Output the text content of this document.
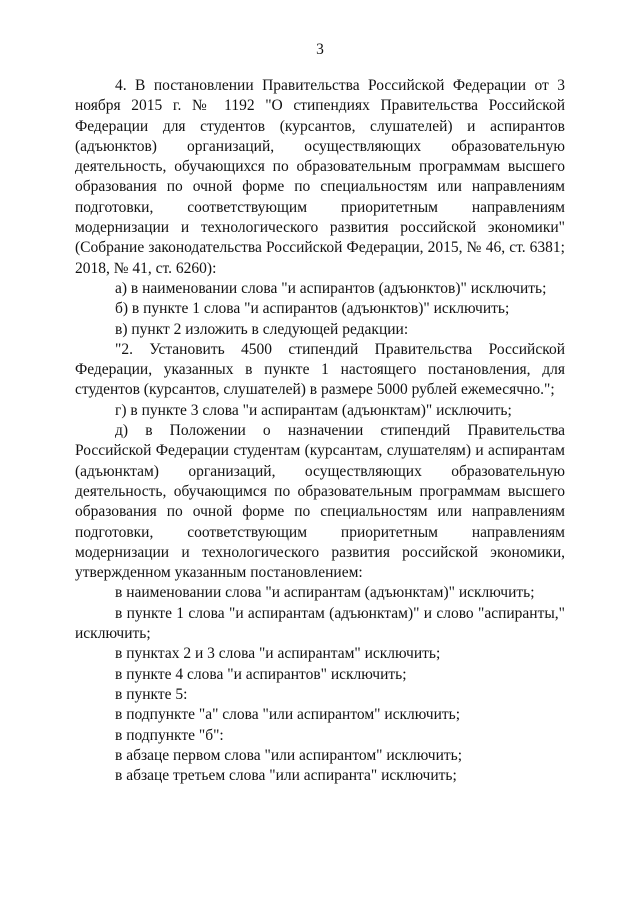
3

4. В постановлении Правительства Российской Федерации от 3 ноября 2015 г. № 1192 "О стипендиях Правительства Российской Федерации для студентов (курсантов, слушателей) и аспирантов (адъюнктов) организаций, осуществляющих образовательную деятельность, обучающихся по образовательным программам высшего образования по очной форме по специальностям или направлениям подготовки, соответствующим приоритетным направлениям модернизации и технологического развития российской экономики" (Собрание законодательства Российской Федерации, 2015, № 46, ст. 6381; 2018, № 41, ст. 6260):

а) в наименовании слова "и аспирантов (адъюнктов)" исключить;

б) в пункте 1 слова "и аспирантов (адъюнктов)" исключить;

в) пункт 2 изложить в следующей редакции:

"2. Установить 4500 стипендий Правительства Российской Федерации, указанных в пункте 1 настоящего постановления, для студентов (курсантов, слушателей) в размере 5000 рублей ежемесячно.";

г) в пункте 3 слова "и аспирантам (адъюнктам)" исключить;

д) в Положении о назначении стипендий Правительства Российской Федерации студентам (курсантам, слушателям) и аспирантам (адъюнктам) организаций, осуществляющих образовательную деятельность, обучающимся по образовательным программам высшего образования по очной форме по специальностям или направлениям подготовки, соответствующим приоритетным направлениям модернизации и технологического развития российской экономики, утвержденном указанным постановлением:

в наименовании слова "и аспирантам (адъюнктам)" исключить;

в пункте 1 слова "и аспирантам (адъюнктам)" и слово "аспиранты," исключить;

в пунктах 2 и 3 слова "и аспирантам" исключить;

в пункте 4 слова "и аспирантов" исключить;

в пункте 5:

в подпункте "а" слова "или аспирантом" исключить;

в подпункте "б":

в абзаце первом слова "или аспирантом" исключить;

в абзаце третьем слова "или аспиранта" исключить;
